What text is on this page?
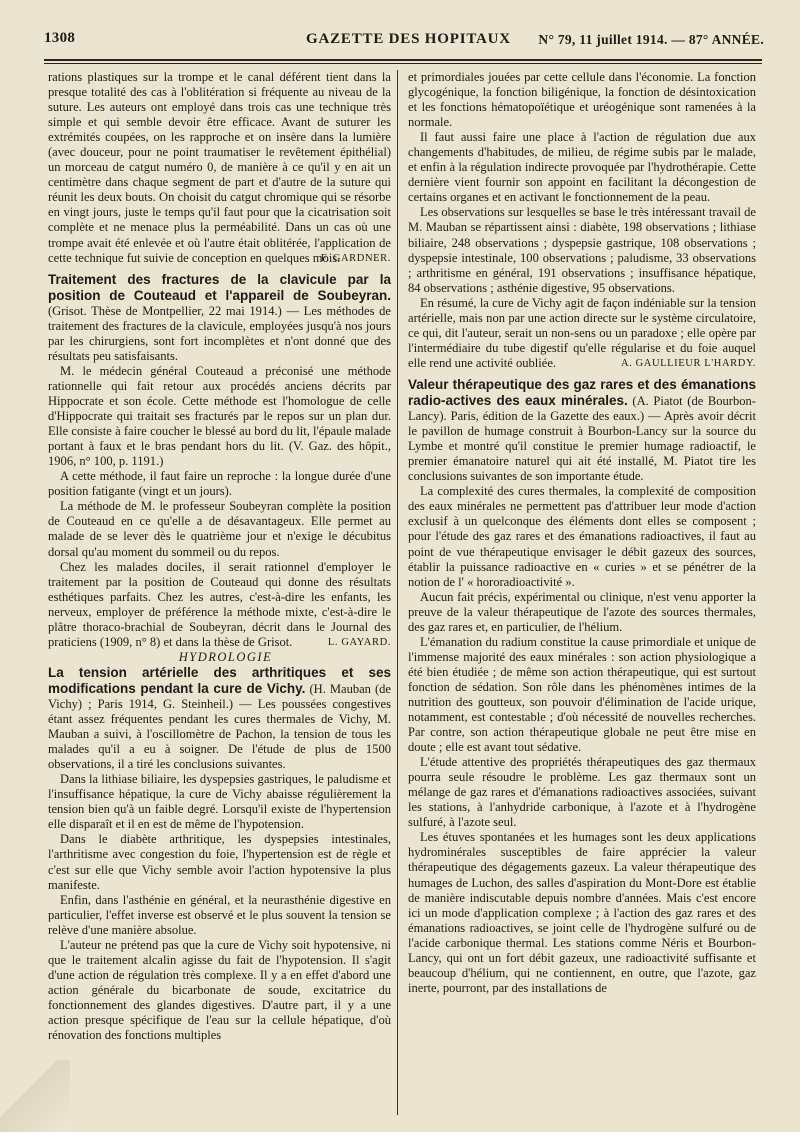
1308	GAZETTE DES HOPITAUX N° 79, 11 juillet 1914. — 87° ANNÉE.

rations plastiques sur la trompe et le canal déférent tient dans la presque totalité des cas à l'oblitération si fréquente au niveau de la suture. Les auteurs ont employé dans trois cas une technique très simple et qui semble devoir être efficace. Avant de suturer les extrémités coupées, on les rapproche et on insère dans la lumière (avec douceur, pour ne point traumatiser le revêtement épithélial) un morceau de catgut numéro 0, de manière à ce qu'il y en ait un centimètre dans chaque segment de part et d'autre de la suture qui réunit les deux bouts. On choisit du catgut chromique qui se résorbe en vingt jours, juste le temps qu'il faut pour que la cicatrisation soit complète et ne menace plus la perméabilité. Dans un cas où une trompe avait été enlevée et où l'autre était oblitérée, l'application de cette technique fut suivie de conception en quelques mois.

F. GARDNER.

Traitement des fractures de la clavicule par la position de Couteaud et l'appareil de Soubeyran. (Grisot. Thèse de Montpellier, 22 mai 1914.) — Les méthodes de traitement des fractures de la clavicule, employées jusqu'à nos jours par les chirurgiens, sont fort incomplètes et n'ont donné que des résultats peu satisfaisants.

M. le médecin général Couteaud a préconisé une méthode rationnelle qui fait retour aux procédés anciens décrits par Hippocrate et son école. Cette méthode est l'homologue de celle d'Hippocrate qui traitait ses fracturés par le repos sur un plan dur. Elle consiste à faire coucher le blessé au bord du lit, l'épaule malade portant à faux et le bras pendant hors du lit. (V. Gaz. des hôpit., 1906, n° 100, p. 1191.)

A cette méthode, il faut faire un reproche : la longue durée d'une position fatigante (vingt et un jours).

La méthode de M. le professeur Soubeyran complète la position de Couteaud en ce qu'elle a de désavantageux. Elle permet au malade de se lever dès le quatrième jour et n'exige le décubitus dorsal qu'au moment du sommeil ou du repos.

Chez les malades dociles, il serait rationnel d'employer le traitement par la position de Couteaud qui donne des résultats esthétiques parfaits. Chez les autres, c'est-à-dire les enfants, les nerveux, employer de préférence la méthode mixte, c'est-à-dire le plâtre thoraco-brachial de Soubeyran, décrit dans le Journal des praticiens (1909, n° 8) et dans la thèse de Grisot.	L. GAYARD.

HYDROLOGIE

La tension artérielle des arthritiques et ses modifications pendant la cure de Vichy. (H. Mauban (de Vichy) ; Paris 1914, G. Steinheil.) — Les poussées congestives étant assez fréquentes pendant les cures thermales de Vichy, M. Mauban a suivi, à l'oscillomètre de Pachon, la tension de tous les malades qu'il a eu à soigner. De l'étude de plus de 1500 observations, il a tiré les conclusions suivantes.

Dans la lithiase biliaire, les dyspepsies gastriques, le paludisme et l'insuffisance hépatique, la cure de Vichy abaisse régulièrement la tension bien qu'à un faible degré. Lorsqu'il existe de l'hypertension elle disparaît et il en est de même de l'hypotension.

Dans le diabète arthritique, les dyspepsies intestinales, l'arthritisme avec congestion du foie, l'hypertension est de règle et c'est sur elle que Vichy semble avoir l'action hypotensive la plus manifeste.

Enfin, dans l'asthénie en général, et la neurasthénie digestive en particulier, l'effet inverse est observé et le plus souvent la tension se relève d'une manière absolue.

L'auteur ne prétend pas que la cure de Vichy soit hypotensive, ni que le traitement alcalin agisse du fait de l'hypotension. Il s'agit d'une action de régulation très complexe. Il y a en effet d'abord une action générale du bicarbonate de soude, excitatrice du fonctionnement des glandes digestives. D'autre part, il y a une action presque spécifique de l'eau sur la cellule hépatique, d'où rénovation des fonctions multiples

et primordiales jouées par cette cellule dans l'économie. La fonction glycogénique, la fonction biligénique, la fonction de désintoxication et les fonctions hématopoïétique et uréogénique sont ramenées à la normale.

Il faut aussi faire une place à l'action de régulation due aux changements d'habitudes, de milieu, de régime subis par le malade, et enfin à la régulation indirecte provoquée par l'hydrothérapie. Cette dernière vient fournir son appoint en facilitant la décongestion de certains organes et en activant le fonctionnement de la peau.

Les observations sur lesquelles se base le très intéressant travail de M. Mauban se répartissent ainsi : diabète, 198 observations ; lithiase biliaire, 248 observations ; dyspepsie gastrique, 108 observations ; dyspepsie intestinale, 100 observations ; paludisme, 33 observations ; arthritisme en général, 191 observations ; insuffisance hépatique, 84 observations ; asthénie digestive, 95 observations.

En résumé, la cure de Vichy agit de façon indéniable sur la tension artérielle, mais non par une action directe sur le système circulatoire, ce qui, dit l'auteur, serait un non-sens ou un paradoxe ; elle opère par l'intermédiaire du tube digestif qu'elle régularise et du foie auquel elle rend une activité oubliée.	A. GAULLIEUR L'HARDY.

Valeur thérapeutique des gaz rares et des émanations radio-actives des eaux minérales. (A. Piatot (de Bourbon-Lancy). Paris, édition de la Gazette des eaux.) — Après avoir décrit le pavillon de humage construit à Bourbon-Lancy sur la source du Lymbe et montré qu'il constitue le premier humage radioactif, le premier émanatoire naturel qui ait été installé, M. Piatot tire les conclusions suivantes de son importante étude.

La complexité des cures thermales, la complexité de composition des eaux minérales ne permettent pas d'attribuer leur mode d'action exclusif à un quelconque des éléments dont elles se composent ; pour l'étude des gaz rares et des émanations radioactives, il faut au point de vue thérapeutique envisager le débit gazeux des sources, établir la puissance radioactive en « curies » et se pénétrer de la notion de l' « hororadioactivité ».

Aucun fait précis, expérimental ou clinique, n'est venu apporter la preuve de la valeur thérapeutique de l'azote des sources thermales, des gaz rares et, en particulier, de l'hélium.

L'émanation du radium constitue la cause primordiale et unique de l'immense majorité des eaux minérales : son action physiologique a été bien étudiée ; de même son action thérapeutique, qui est surtout fonction de sédation. Son rôle dans les phénomènes intimes de la nutrition des goutteux, son pouvoir d'élimination de l'acide urique, notamment, est contestable ; d'où nécessité de nouvelles recherches. Par contre, son action thérapeutique globale ne peut être mise en doute ; elle est avant tout sédative.

L'étude attentive des propriétés thérapeutiques des gaz thermaux pourra seule résoudre le problème. Les gaz thermaux sont un mélange de gaz rares et d'émanations radioactives associées, suivant les stations, à l'anhydride carbonique, à l'azote et à l'hydrogène sulfuré, à l'azote seul.

Les étuves spontanées et les humages sont les deux applications hydrominérales susceptibles de faire apprécier la valeur thérapeutique des dégagements gazeux. La valeur thérapeutique des humages de Luchon, des salles d'aspiration du Mont-Dore est établie de manière indiscutable depuis nombre d'années. Mais c'est encore ici un mode d'application complexe ; à l'action des gaz rares et des émanations radioactives, se joint celle de l'hydrogène sulfuré ou de l'acide carbonique thermal. Les stations comme Néris et Bourbon-Lancy, qui ont un fort débit gazeux, une radioactivité suffisante et beaucoup d'hélium, qui ne contiennent, en outre, que l'azote, gaz inerte, pourront, par des installations de
